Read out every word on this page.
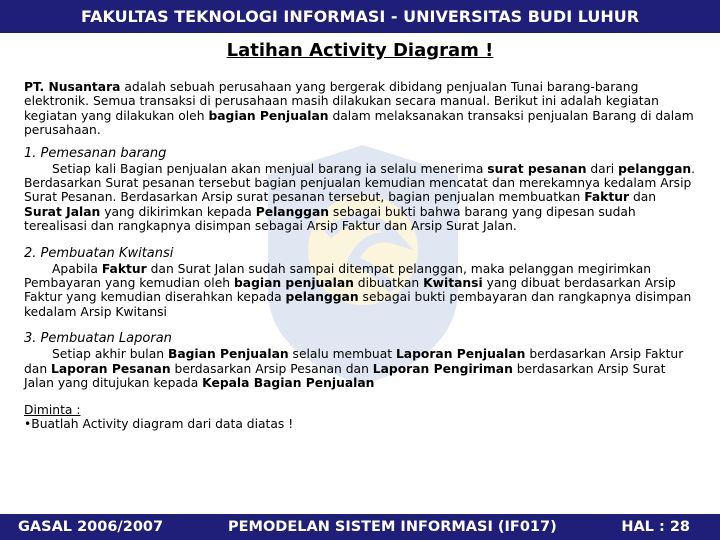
FAKULTAS TEKNOLOGI INFORMASI - UNIVERSITAS BUDI LUHUR
Latihan Activity Diagram !

PT. Nusantara adalah sebuah perusahaan yang bergerak dibidang penjualan Tunai barang-barang elektronik. Semua transaksi di perusahaan masih dilakukan secara manual. Berikut ini adalah kegiatan kegiatan yang dilakukan oleh bagian Penjualan dalam melaksanakan transaksi penjualan Barang di dalam perusahaan.

1. Pemesanan barang

Setiap kali Bagian penjualan akan menjual barang ia selalu menerima surat pesanan dari pelanggan. Berdasarkan Surat pesanan tersebut bagian penjualan kemudian mencatat dan merekamnya kedalam Arsip Surat Pesanan. Berdasarkan Arsip surat pesanan tersebut, bagian penjualan membuatkan Faktur dan Surat Jalan yang dikirimkan kepada Pelanggan sebagai bukti bahwa barang yang dipesan sudah terealisasi dan rangkapnya disimpan sebagai Arsip Faktur dan Arsip Surat Jalan.

2. Pembuatan Kwitansi

Apabila Faktur dan Surat Jalan sudah sampai ditempat pelanggan, maka pelanggan megirimkan Pembayaran yang kemudian oleh bagian penjualan dibuatkan Kwitansi yang dibuat berdasarkan Arsip Faktur yang kemudian diserahkan kepada pelanggan sebagai bukti pembayaran dan rangkapnya disimpan kedalam Arsip Kwitansi

3. Pembuatan Laporan

Setiap akhir bulan Bagian Penjualan selalu membuat Laporan Penjualan berdasarkan Arsip Faktur dan Laporan Pesanan berdasarkan Arsip Pesanan dan Laporan Pengiriman berdasarkan Arsip Surat Jalan yang ditujukan kepada Kepala Bagian Penjualan

Diminta :

•Buatlah Activity diagram dari data diatas !

GASAL 2006/2007	PEMODELAN SISTEM INFORMASI (IF017)	HAL : 28
